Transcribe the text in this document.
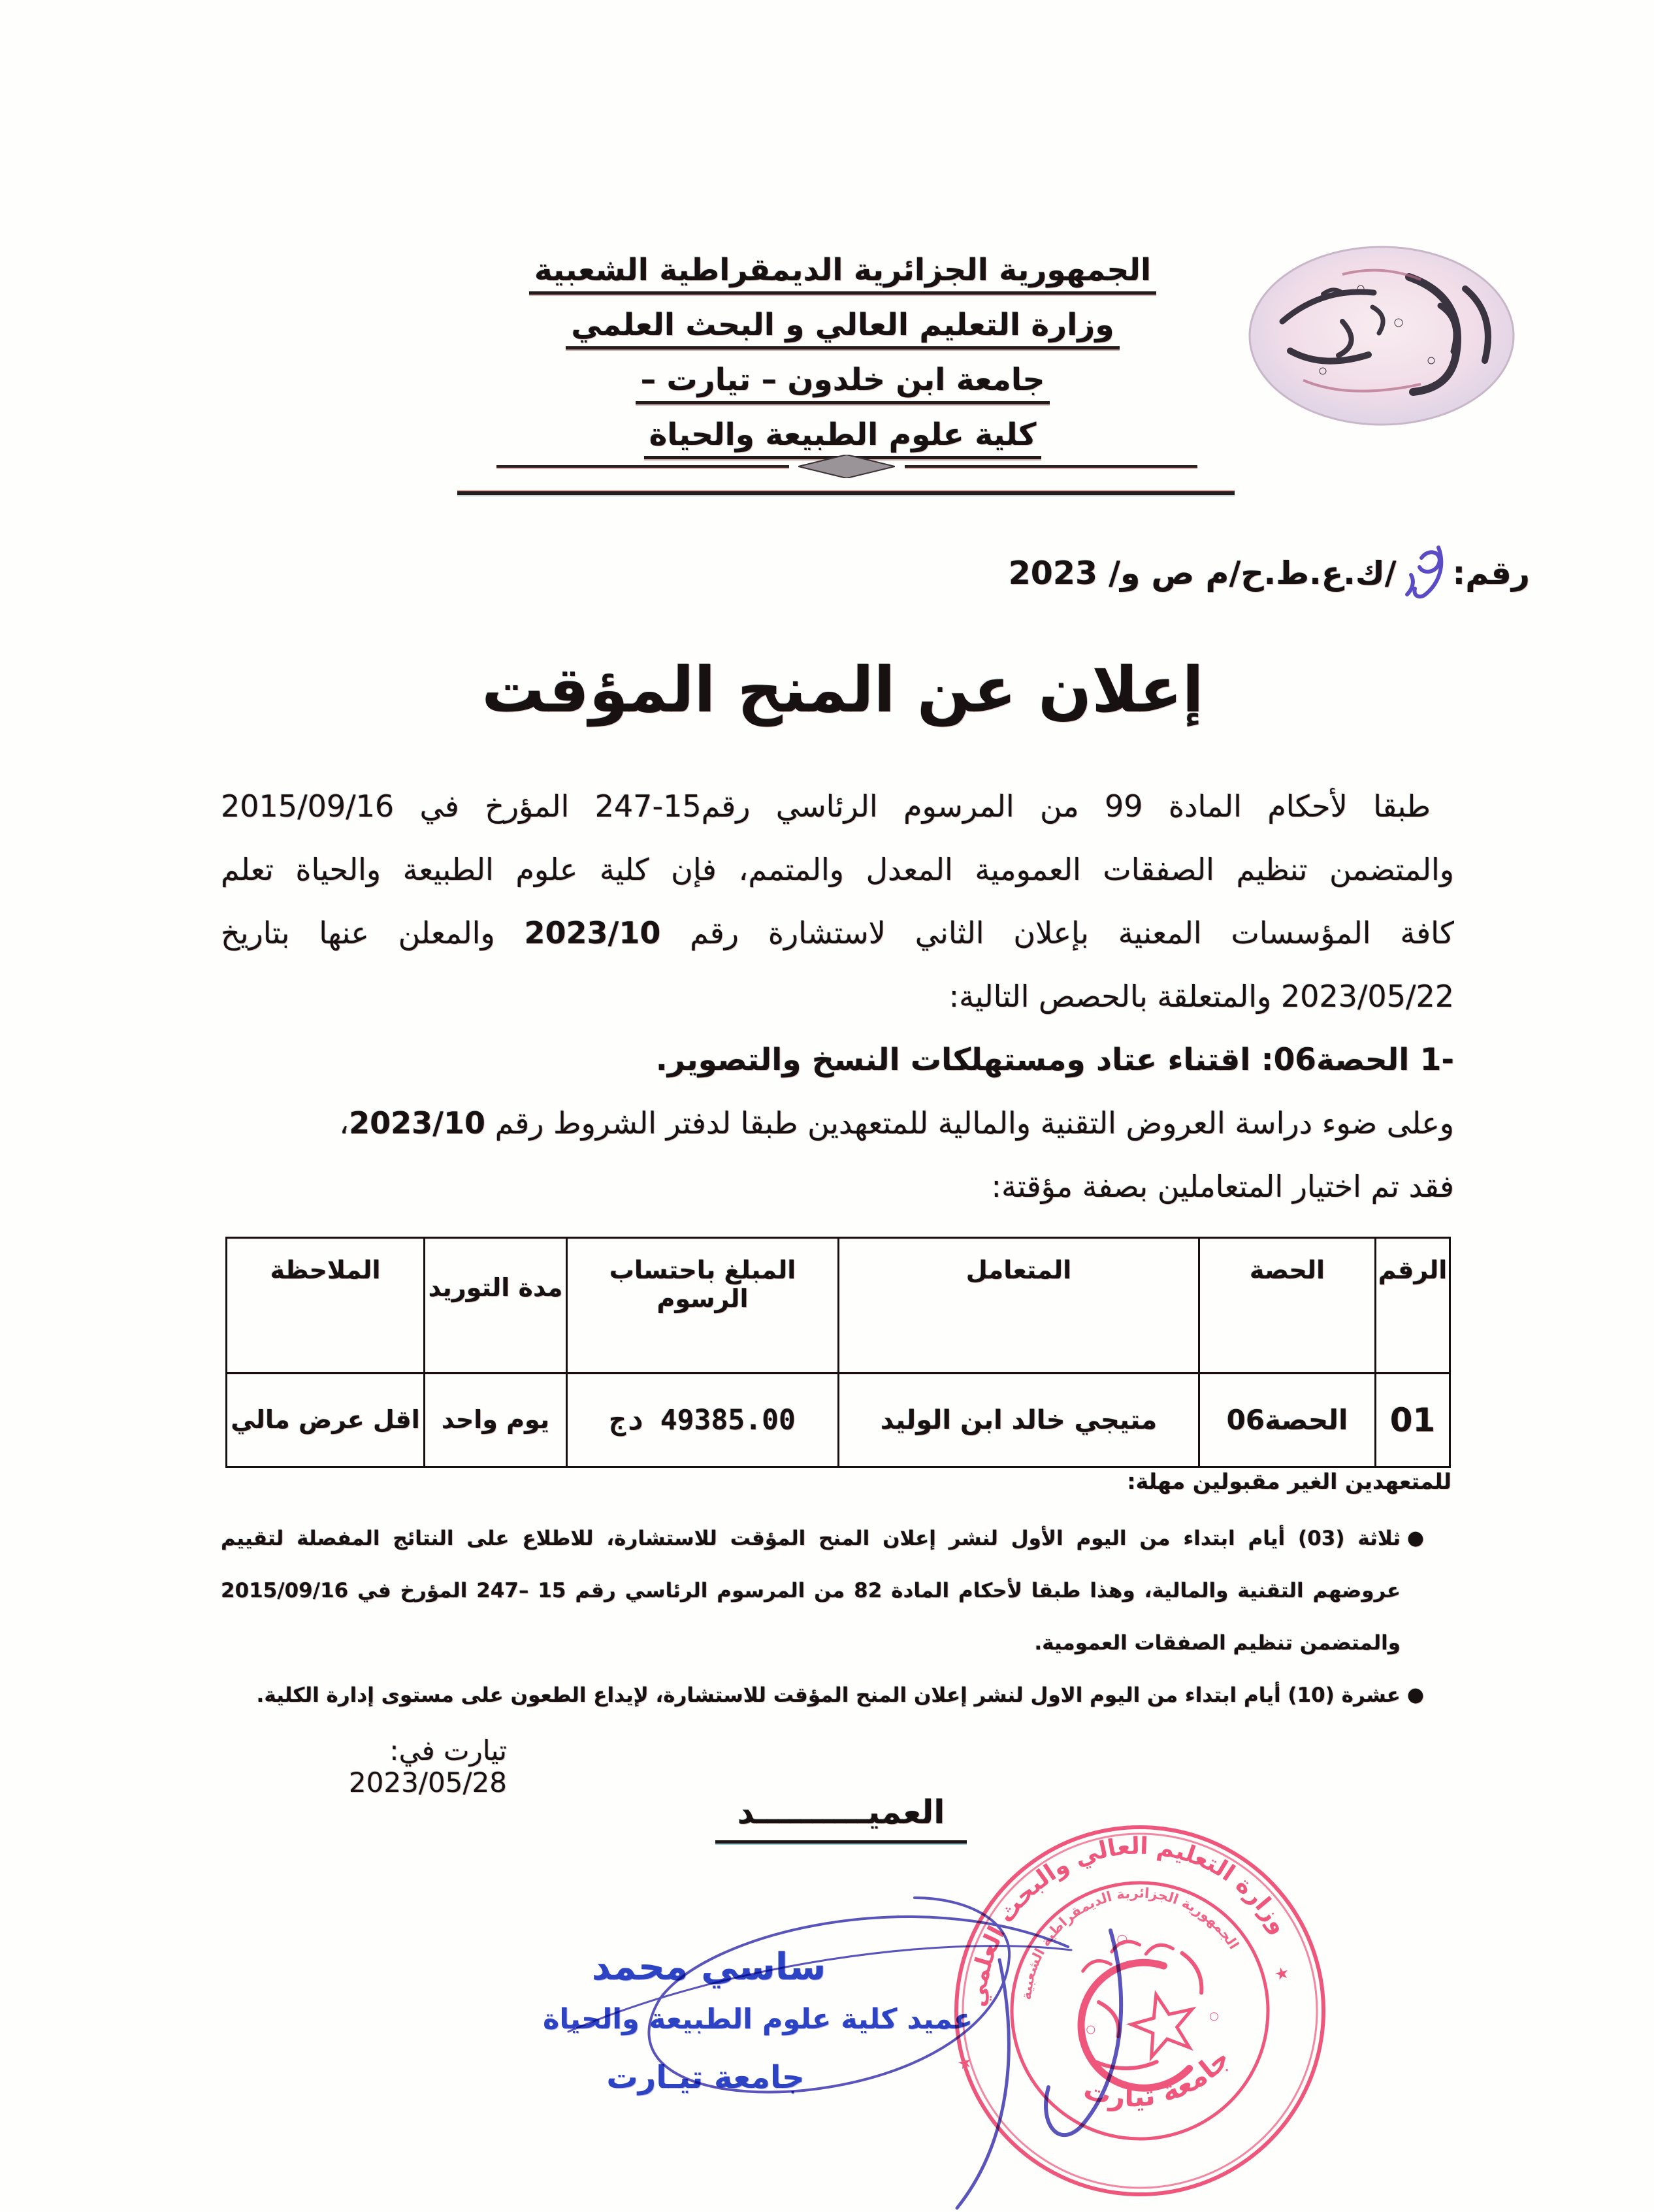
الجمهورية الجزائرية الديمقراطية الشعبية
وزارة التعليم العالي و البحث العلمي
جامعة ابن خلدون – تيارت –
كلية علوم الطبيعة والحياة
رقم:/ك.ع.ط.ح/م ص و/ 2023
إعلان عن المنح المؤقت
طبقا لأحكام المادة 99 من المرسوم الرئاسي رقم15-247 المؤرخ في 2015/09/16
والمتضمن تنظيم الصفقات العمومية المعدل والمتمم، فإن كلية علوم الطبيعة والحياة تعلم
كافة المؤسسات المعنية بإعلان الثاني لاستشارة رقم 2023/10 والمعلن عنها بتاريخ
2023/05/22 والمتعلقة بالحصص التالية:
1- الحصة06: اقتناء عتاد ومستهلكات النسخ والتصوير.
وعلى ضوء دراسة العروض التقنية والمالية للمتعهدين طبقا لدفتر الشروط رقم 2023/10،
فقد تم اختيار المتعاملين بصفة مؤقتة:
الرقم	الحصة	المتعامل	المبلغ باحتساب الرسوم	مدة التوريد	الملاحظة
01	الحصة06	متيجي خالد ابن الوليد	49385.00 دج	يوم واحد	اقل عرض مالي
للمتعهدين الغير مقبولين مهلة:
●
ثلاثة (03) أيام ابتداء من اليوم الأول لنشر إعلان المنح المؤقت للاستشارة، للاطلاع على النتائج المفصلة لتقييم عروضهم التقنية والمالية، وهذا طبقا لأحكام المادة 82 من المرسوم الرئاسي رقم 15 –247 المؤرخ في 2015/09/16 والمتضمن تنظيم الصفقات العمومية.
●
عشرة (10) أيام ابتداء من اليوم الاول لنشر إعلان المنح المؤقت للاستشارة، لإيداع الطعون على مستوى إدارة الكلية.
تيارت في: 2023/05/28
العميــــــــــد
ساسي محمد
عميد كلية علوم الطبيعة والحياة
جامعة تيـارت
وزارة التعليم العالي والبحث العلمي
الجمهورية الجزائرية الديمقراطية الشعبية
جامعة تيارت
٭
٭
